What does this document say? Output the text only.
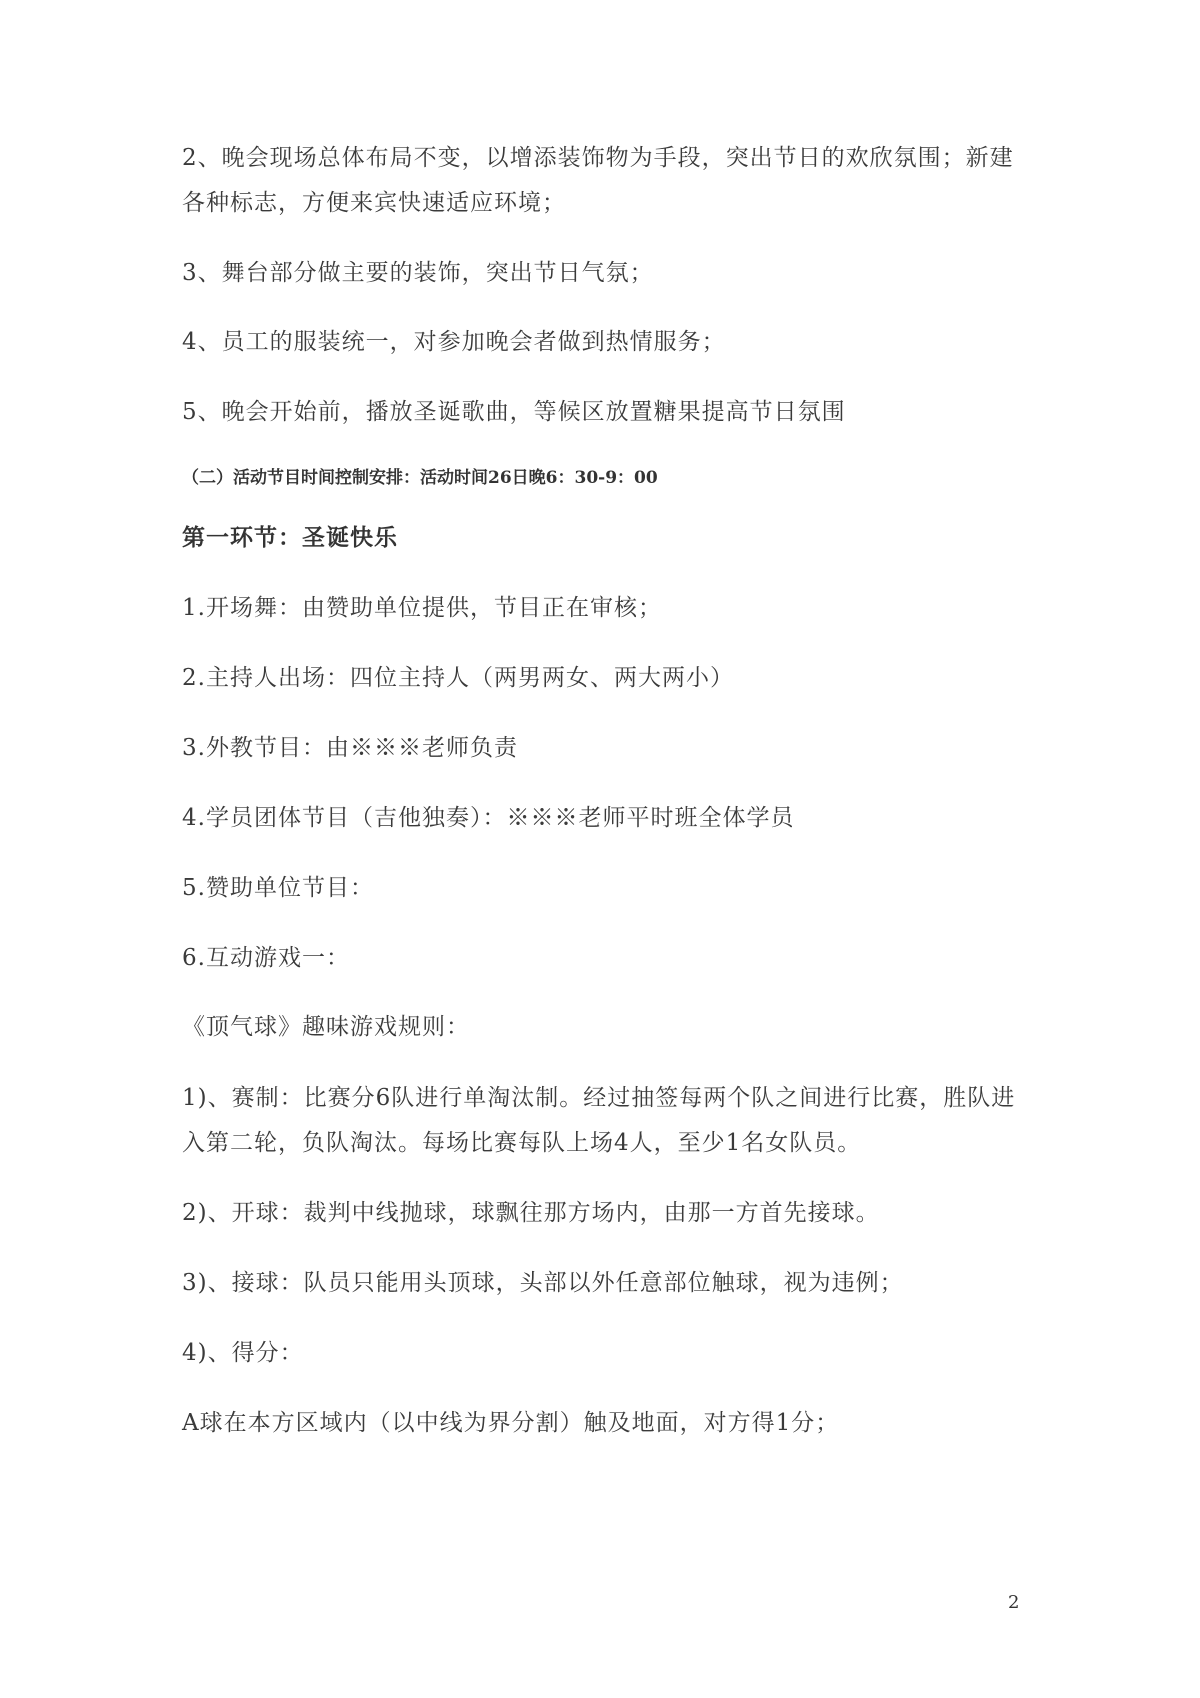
2、晚会现场总体布局不变，以增添装饰物为手段，突出节日的欢欣氛围；新建
各种标志，方便来宾快速适应环境；
3、舞台部分做主要的装饰，突出节日气氛；
4、员工的服装统一，对参加晚会者做到热情服务；
5、晚会开始前，播放圣诞歌曲，等候区放置糖果提高节日氛围
（二）活动节目时间控制安排：活动时间26日晚6：30-9：00
第一环节：圣诞快乐
1.开场舞：由赞助单位提供，节目正在审核；
2.主持人出场：四位主持人（两男两女、两大两小）
3.外教节目：由※※※老师负责
4.学员团体节目（吉他独奏）：※※※老师平时班全体学员
5.赞助单位节目：
6.互动游戏一：
《顶气球》趣味游戏规则：
1)、赛制：比赛分6队进行单淘汰制。经过抽签每两个队之间进行比赛，胜队进
入第二轮，负队淘汰。每场比赛每队上场4人，至少1名女队员。
2)、开球：裁判中线抛球，球飘往那方场内，由那一方首先接球。
3)、接球：队员只能用头顶球，头部以外任意部位触球，视为违例；
4)、得分：
A球在本方区域内（以中线为界分割）触及地面，对方得1分；
2
